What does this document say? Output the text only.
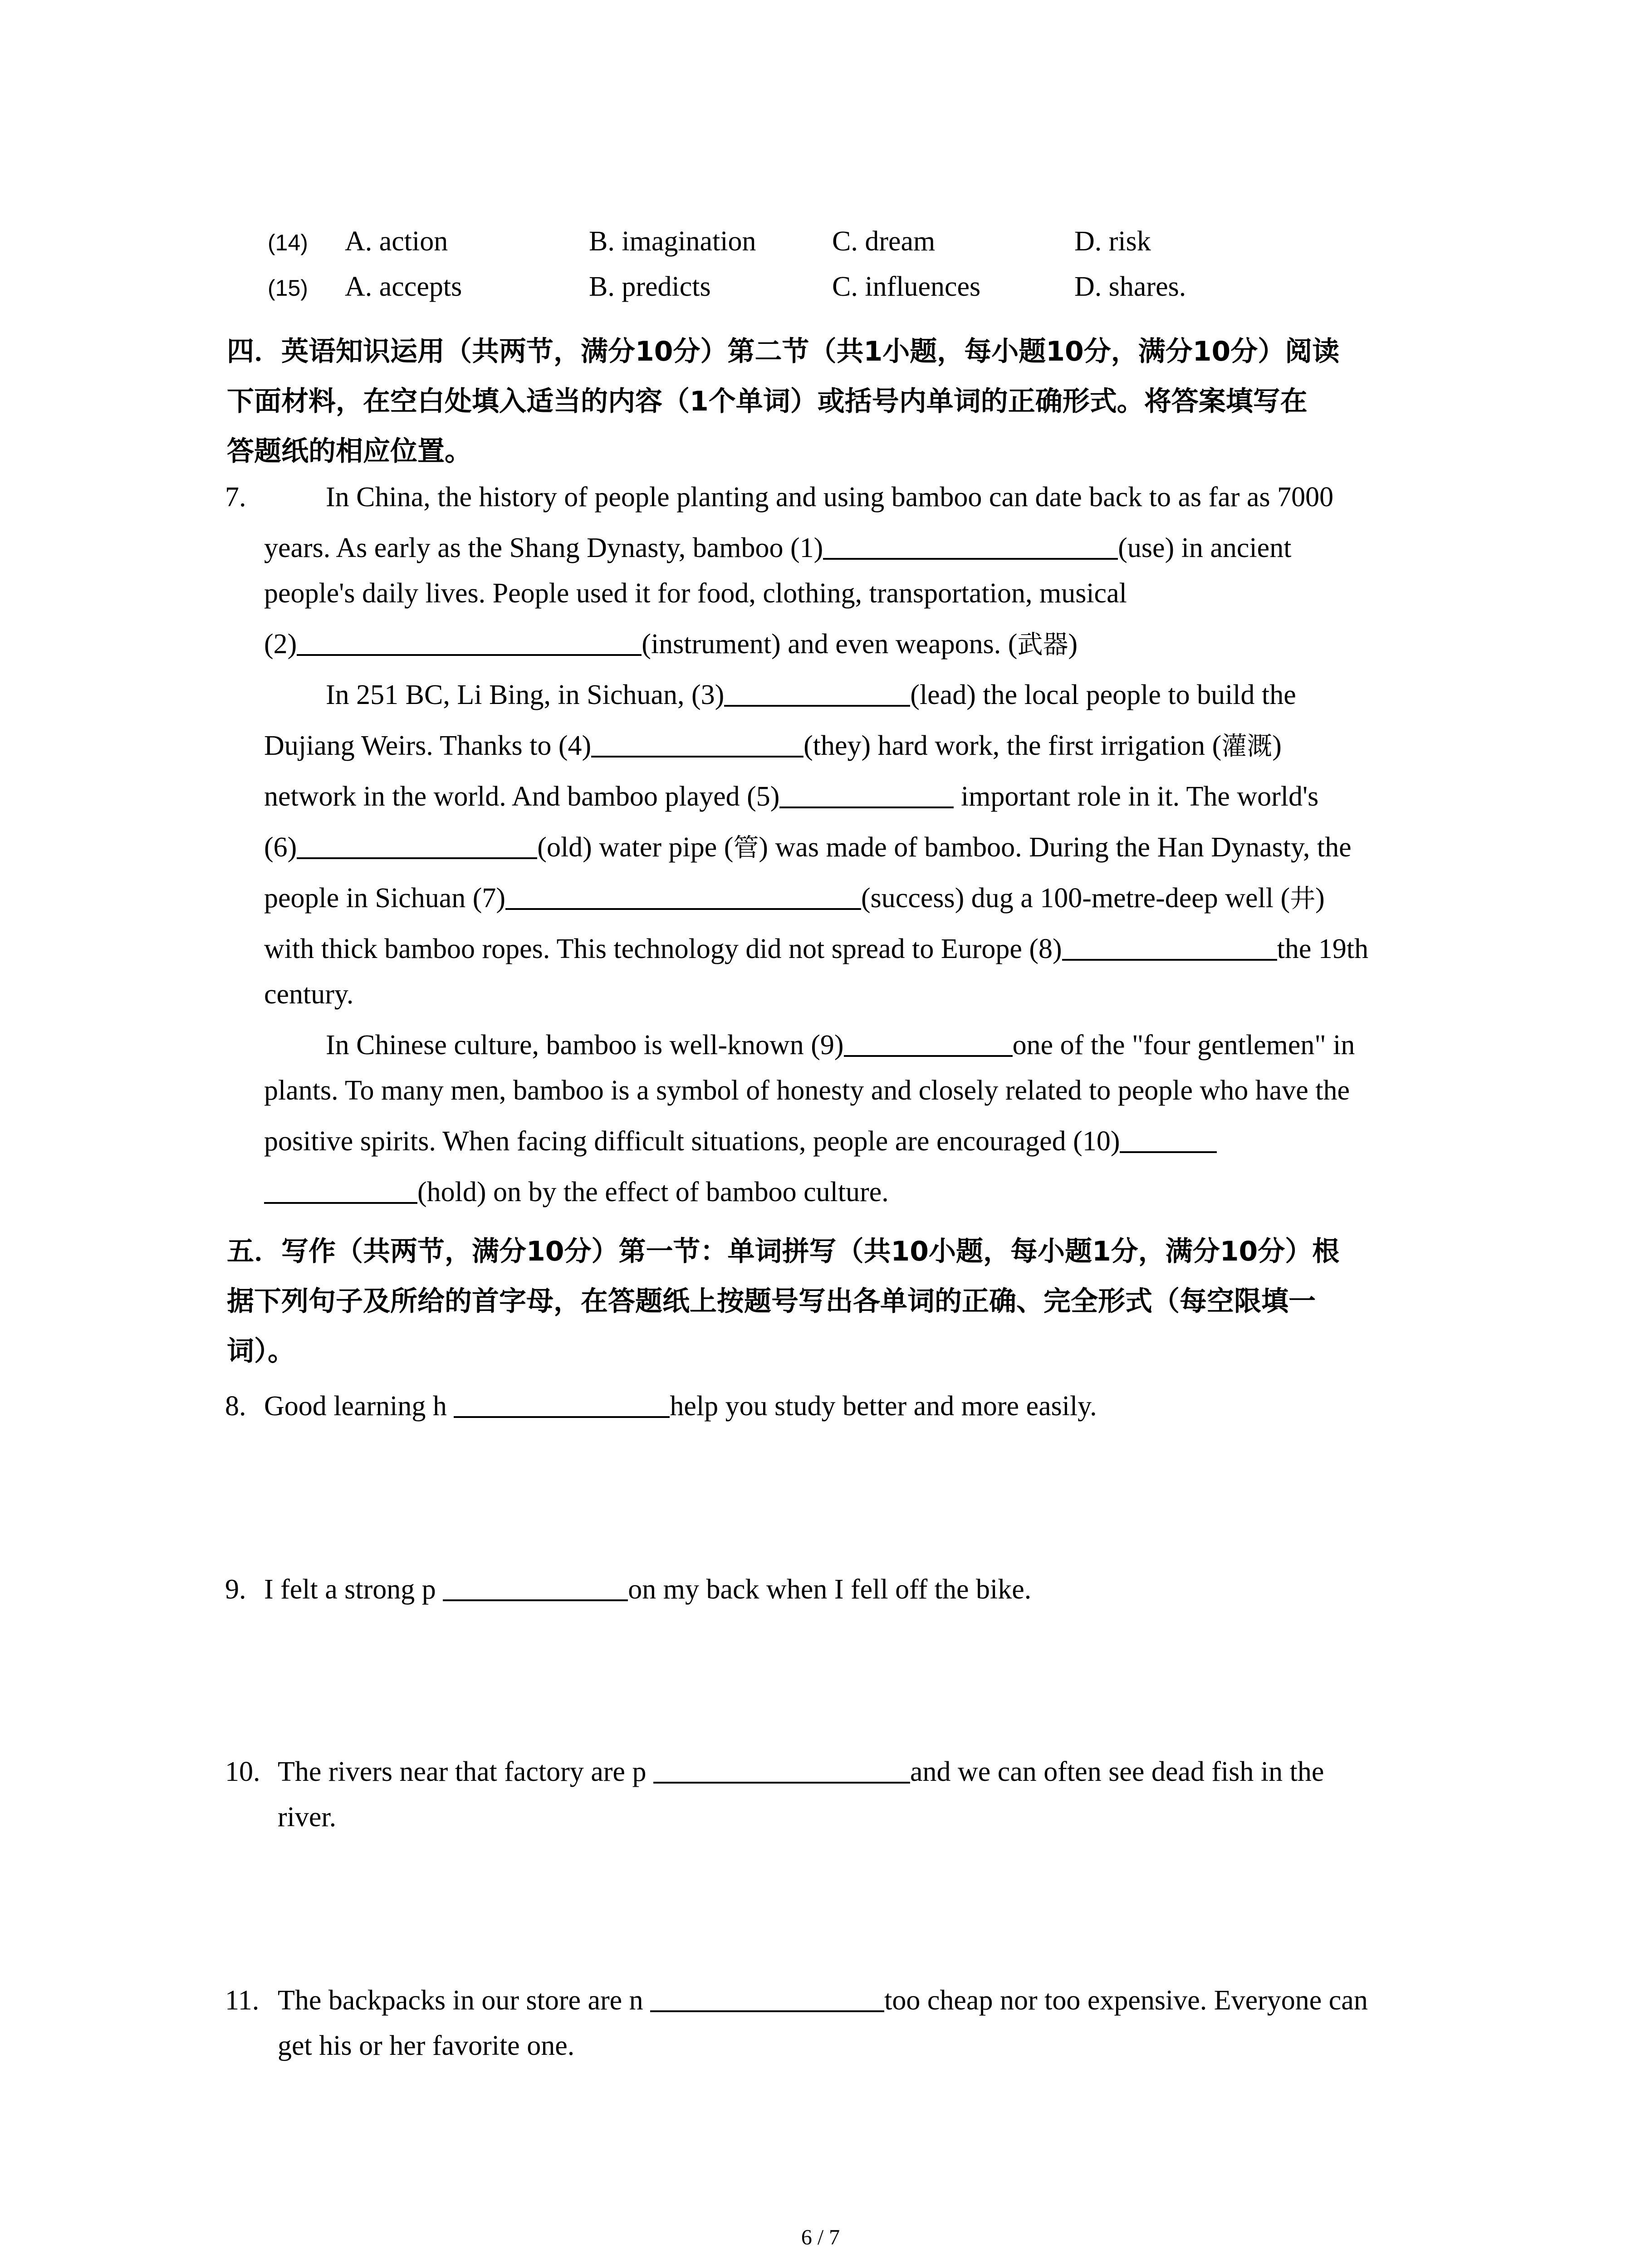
(14) A. action	B. imagination	C. dream	D. risk
(15) A. accepts	B. predicts	C. influences	D. shares.
四．英语知识运用（共两节，满分10分）第二节（共1小题，每小题10分，满分10分）阅读
下面材料，在空白处填入适当的内容（1个单词）或括号内单词的正确形式。将答案填写在
答题纸的相应位置。
7.	In China, the history of people planting and using bamboo can date back to as far as 7000
years. As early as the Shang Dynasty, bamboo (1)	(use) in ancient
people's daily lives. People used it for food, clothing, transportation, musical
(2)	(instrument) and even weapons. (武器)
In 251 BC, Li Bing, in Sichuan, (3)	(lead) the local people to build the
Dujiang Weirs. Thanks to (4)	(they) hard work, the first irrigation (灌溉)
network in the world. And bamboo played (5)	important role in it. The world's
(6)	(old) water pipe (管) was made of bamboo. During the Han Dynasty, the
people in Sichuan (7)	(success) dug a 100-metre-deep well (井)
with thick bamboo ropes. This technology did not spread to Europe (8)	the 19th
century.
In Chinese culture, bamboo is well-known (9)	one of the "four gentlemen" in
plants. To many men, bamboo is a symbol of honesty and closely related to people who have the
positive spirits. When facing difficult situations, people are encouraged (10)
(hold) on by the effect of bamboo culture.
五．写作（共两节，满分10分）第一节：单词拼写（共10小题，每小题1分，满分10分）根
据下列句子及所给的首字母，在答题纸上按题号写出各单词的正确、完全形式（每空限填一
词）。
8. Good learning h	help you study better and more easily.
9. I felt a strong p	on my back when I fell off the bike.
10. The rivers near that factory are p	and we can often see dead fish in the
river.
11. The backpacks in our store are n	too cheap nor too expensive. Everyone can
get his or her favorite one.
6 / 7
